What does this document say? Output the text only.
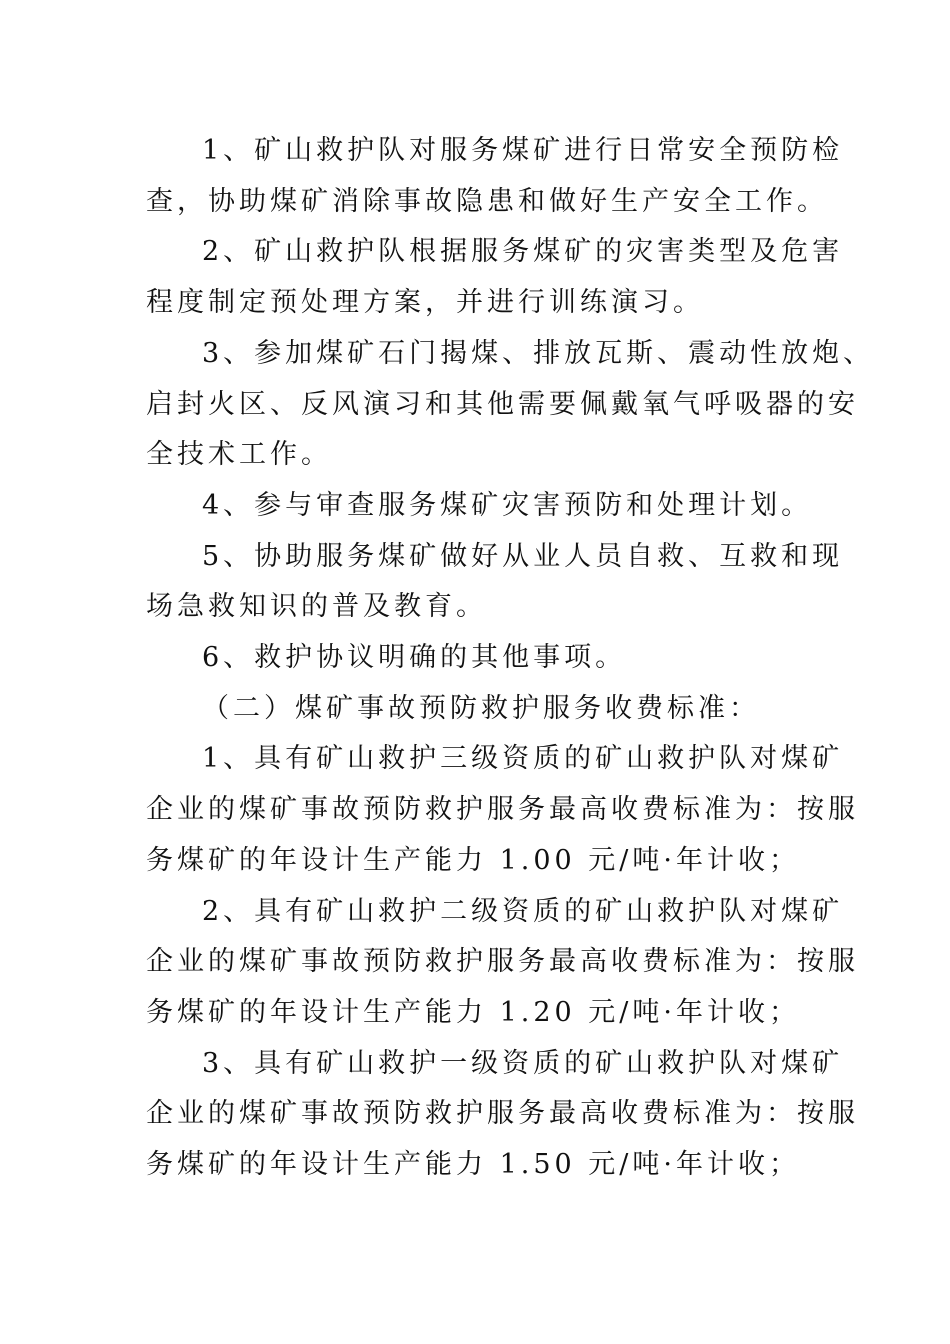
1、矿山救护队对服务煤矿进行日常安全预防检
查，协助煤矿消除事故隐患和做好生产安全工作。

2、矿山救护队根据服务煤矿的灾害类型及危害
程度制定预处理方案，并进行训练演习。

3、参加煤矿石门揭煤、排放瓦斯、震动性放炮、
启封火区、反风演习和其他需要佩戴氧气呼吸器的安
全技术工作。

4、参与审查服务煤矿灾害预防和处理计划。

5、协助服务煤矿做好从业人员自救、互救和现
场急救知识的普及教育。

6、救护协议明确的其他事项。

（二）煤矿事故预防救护服务收费标准：

1、具有矿山救护三级资质的矿山救护队对煤矿
企业的煤矿事故预防救护服务最高收费标准为：按服
务煤矿的年设计生产能力 1.00 元/吨·年计收；

2、具有矿山救护二级资质的矿山救护队对煤矿
企业的煤矿事故预防救护服务最高收费标准为：按服
务煤矿的年设计生产能力 1.20 元/吨·年计收；

3、具有矿山救护一级资质的矿山救护队对煤矿
企业的煤矿事故预防救护服务最高收费标准为：按服
务煤矿的年设计生产能力 1.50 元/吨·年计收；
